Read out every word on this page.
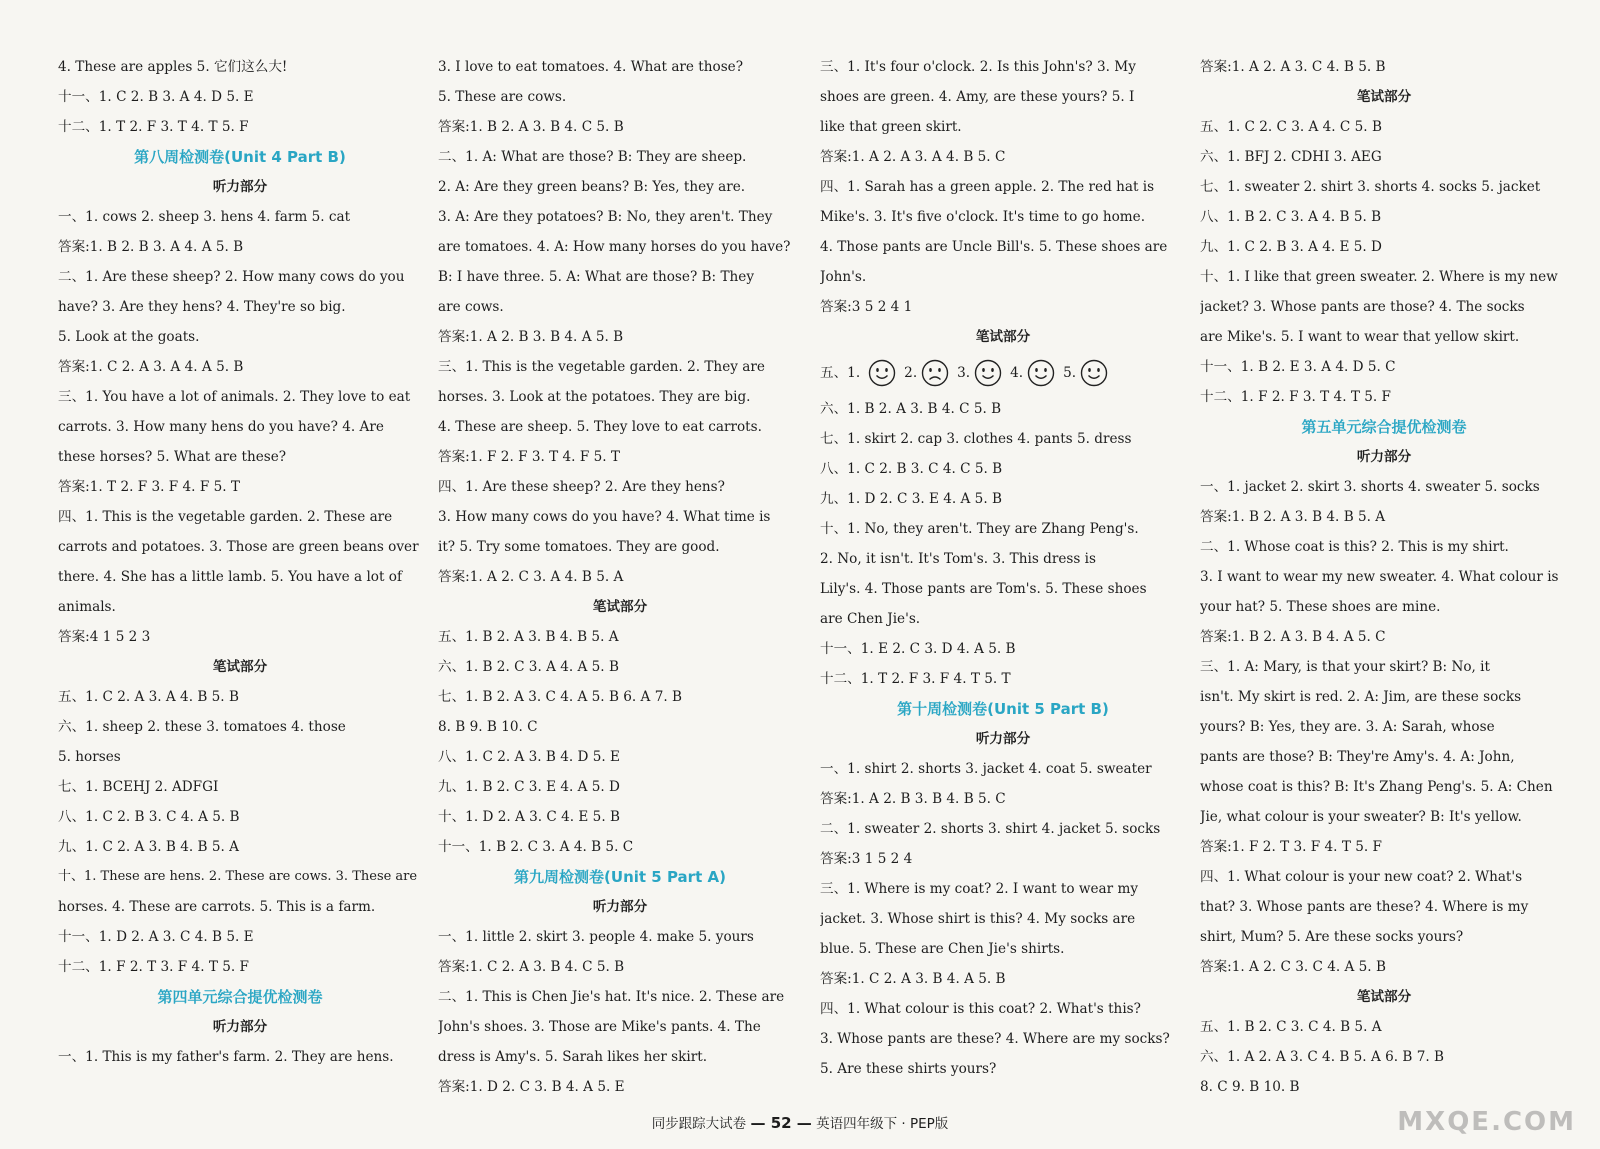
4. These are apples 5. 它们这么大!
十一、1. C 2. B 3. A 4. D 5. E
十二、1. T 2. F 3. T 4. T 5. F
第八周检测卷(Unit 4 Part B)
听力部分
一、1. cows 2. sheep 3. hens 4. farm 5. cat
答案:1. B 2. B 3. A 4. A 5. B
二、1. Are these sheep? 2. How many cows do you
have? 3. Are they hens? 4. They're so big.
5. Look at the goats.
答案:1. C 2. A 3. A 4. A 5. B
三、1. You have a lot of animals. 2. They love to eat
carrots. 3. How many hens do you have? 4. Are
these horses? 5. What are these?
答案:1. T 2. F 3. F 4. F 5. T
四、1. This is the vegetable garden. 2. These are
carrots and potatoes. 3. Those are green beans over
there. 4. She has a little lamb. 5. You have a lot of
animals.
答案:4 1 5 2 3
笔试部分
五、1. C 2. A 3. A 4. B 5. B
六、1. sheep 2. these 3. tomatoes 4. those
5. horses
七、1. BCEHJ 2. ADFGI
八、1. C 2. B 3. C 4. A 5. B
九、1. C 2. A 3. B 4. B 5. A
十、1. These are hens. 2. These are cows. 3. These are
horses. 4. These are carrots. 5. This is a farm.
十一、1. D 2. A 3. C 4. B 5. E
十二、1. F 2. T 3. F 4. T 5. F
第四单元综合提优检测卷
听力部分
一、1. This is my father's farm. 2. They are hens.
3. I love to eat tomatoes. 4. What are those?
5. These are cows.
答案:1. B 2. A 3. B 4. C 5. B
二、1. A: What are those? B: They are sheep.
2. A: Are they green beans? B: Yes, they are.
3. A: Are they potatoes? B: No, they aren't. They
are tomatoes. 4. A: How many horses do you have?
B: I have three. 5. A: What are those? B: They
are cows.
答案:1. A 2. B 3. B 4. A 5. B
三、1. This is the vegetable garden. 2. They are
horses. 3. Look at the potatoes. They are big.
4. These are sheep. 5. They love to eat carrots.
答案:1. F 2. F 3. T 4. F 5. T
四、1. Are these sheep? 2. Are they hens?
3. How many cows do you have? 4. What time is
it? 5. Try some tomatoes. They are good.
答案:1. A 2. C 3. A 4. B 5. A
笔试部分
五、1. B 2. A 3. B 4. B 5. A
六、1. B 2. C 3. A 4. A 5. B
七、1. B 2. A 3. C 4. A 5. B 6. A 7. B
8. B 9. B 10. C
八、1. C 2. A 3. B 4. D 5. E
九、1. B 2. C 3. E 4. A 5. D
十、1. D 2. A 3. C 4. E 5. B
十一、1. B 2. C 3. A 4. B 5. C
第九周检测卷(Unit 5 Part A)
听力部分
一、1. little 2. skirt 3. people 4. make 5. yours
答案:1. C 2. A 3. B 4. C 5. B
二、1. This is Chen Jie's hat. It's nice. 2. These are
John's shoes. 3. Those are Mike's pants. 4. The
dress is Amy's. 5. Sarah likes her skirt.
答案:1. D 2. C 3. B 4. A 5. E
三、1. It's four o'clock. 2. Is this John's? 3. My
shoes are green. 4. Amy, are these yours? 5. I
like that green skirt.
答案:1. A 2. A 3. A 4. B 5. C
四、1. Sarah has a green apple. 2. The red hat is
Mike's. 3. It's five o'clock. It's time to go home.
4. Those pants are Uncle Bill's. 5. These shoes are
John's.
答案:3 5 2 4 1
笔试部分
五、1.	2.	3.	4.	5.
六、1. B 2. A 3. B 4. C 5. B
七、1. skirt 2. cap 3. clothes 4. pants 5. dress
八、1. C 2. B 3. C 4. C 5. B
九、1. D 2. C 3. E 4. A 5. B
十、1. No, they aren't. They are Zhang Peng's.
2. No, it isn't. It's Tom's. 3. This dress is
Lily's. 4. Those pants are Tom's. 5. These shoes
are Chen Jie's.
十一、1. E 2. C 3. D 4. A 5. B
十二、1. T 2. F 3. F 4. T 5. T
第十周检测卷(Unit 5 Part B)
听力部分
一、1. shirt 2. shorts 3. jacket 4. coat 5. sweater
答案:1. A 2. B 3. B 4. B 5. C
二、1. sweater 2. shorts 3. shirt 4. jacket 5. socks
答案:3 1 5 2 4
三、1. Where is my coat? 2. I want to wear my
jacket. 3. Whose shirt is this? 4. My socks are
blue. 5. These are Chen Jie's shirts.
答案:1. C 2. A 3. B 4. A 5. B
四、1. What colour is this coat? 2. What's this?
3. Whose pants are these? 4. Where are my socks?
5. Are these shirts yours?
答案:1. A 2. A 3. C 4. B 5. B
笔试部分
五、1. C 2. C 3. A 4. C 5. B
六、1. BFJ 2. CDHI 3. AEG
七、1. sweater 2. shirt 3. shorts 4. socks 5. jacket
八、1. B 2. C 3. A 4. B 5. B
九、1. C 2. B 3. A 4. E 5. D
十、1. I like that green sweater. 2. Where is my new
jacket? 3. Whose pants are those? 4. The socks
are Mike's. 5. I want to wear that yellow skirt.
十一、1. B 2. E 3. A 4. D 5. C
十二、1. F 2. F 3. T 4. T 5. F
第五单元综合提优检测卷
听力部分
一、1. jacket 2. skirt 3. shorts 4. sweater 5. socks
答案:1. B 2. A 3. B 4. B 5. A
二、1. Whose coat is this? 2. This is my shirt.
3. I want to wear my new sweater. 4. What colour is
your hat? 5. These shoes are mine.
答案:1. B 2. A 3. B 4. A 5. C
三、1. A: Mary, is that your skirt? B: No, it
isn't. My skirt is red. 2. A: Jim, are these socks
yours? B: Yes, they are. 3. A: Sarah, whose
pants are those? B: They're Amy's. 4. A: John,
whose coat is this? B: It's Zhang Peng's. 5. A: Chen
Jie, what colour is your sweater? B: It's yellow.
答案:1. F 2. T 3. F 4. T 5. F
四、1. What colour is your new coat? 2. What's
that? 3. Whose pants are these? 4. Where is my
shirt, Mum? 5. Are these socks yours?
答案:1. A 2. C 3. C 4. A 5. B
笔试部分
五、1. B 2. C 3. C 4. B 5. A
六、1. A 2. A 3. C 4. B 5. A 6. B 7. B
8. C 9. B 10. B
同步跟踪大试卷 — 52 — 英语四年级下 · PEP版	MXQE.COM
